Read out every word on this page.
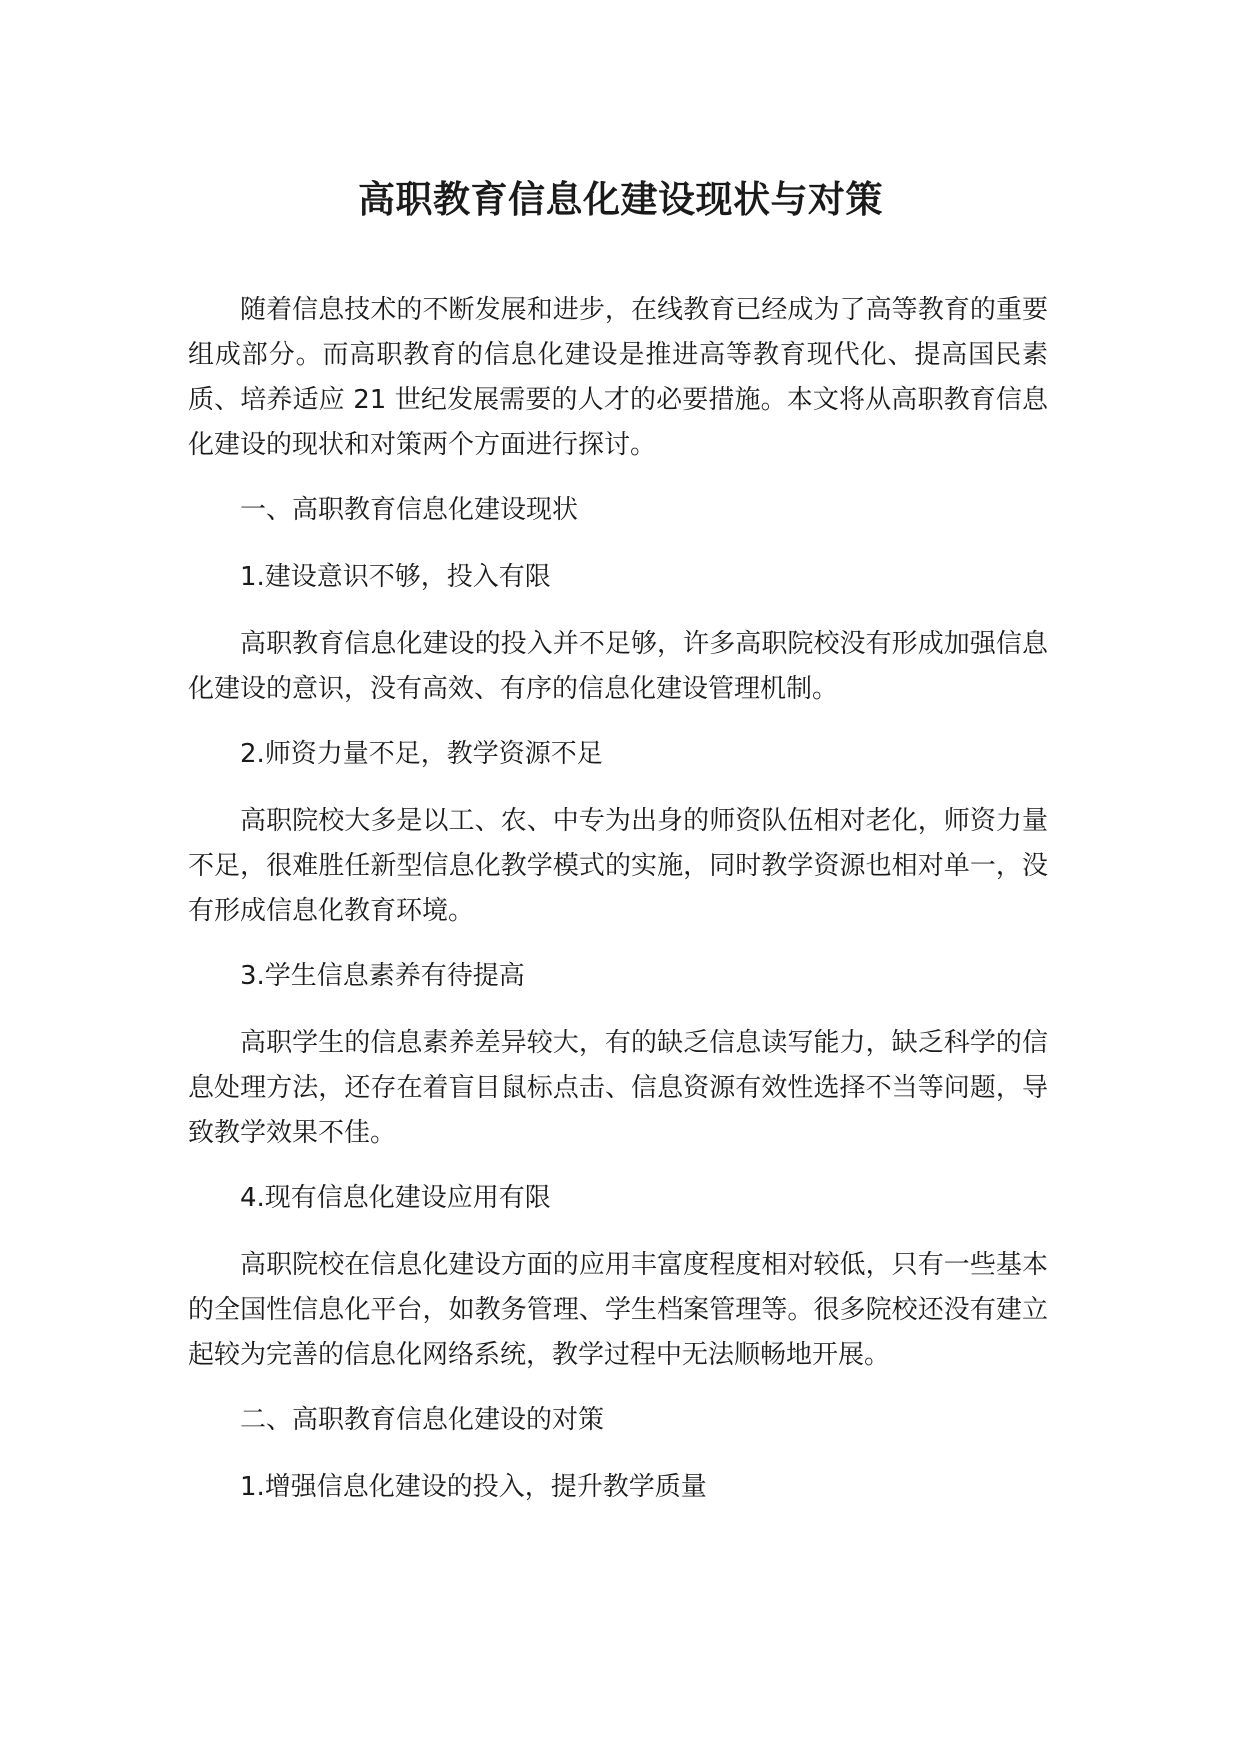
高职教育信息化建设现状与对策

随着信息技术的不断发展和进步，在线教育已经成为了高等教育的重要组成部分。而高职教育的信息化建设是推进高等教育现代化、提高国民素质、培养适应 21 世纪发展需要的人才的必要措施。本文将从高职教育信息化建设的现状和对策两个方面进行探讨。

一、高职教育信息化建设现状

1.建设意识不够，投入有限

高职教育信息化建设的投入并不足够，许多高职院校没有形成加强信息化建设的意识，没有高效、有序的信息化建设管理机制。

2.师资力量不足，教学资源不足

高职院校大多是以工、农、中专为出身的师资队伍相对老化，师资力量不足，很难胜任新型信息化教学模式的实施，同时教学资源也相对单一，没有形成信息化教育环境。

3.学生信息素养有待提高

高职学生的信息素养差异较大，有的缺乏信息读写能力，缺乏科学的信息处理方法，还存在着盲目鼠标点击、信息资源有效性选择不当等问题，导致教学效果不佳。

4.现有信息化建设应用有限

高职院校在信息化建设方面的应用丰富度程度相对较低，只有一些基本的全国性信息化平台，如教务管理、学生档案管理等。很多院校还没有建立起较为完善的信息化网络系统，教学过程中无法顺畅地开展。

二、高职教育信息化建设的对策

1.增强信息化建设的投入，提升教学质量
